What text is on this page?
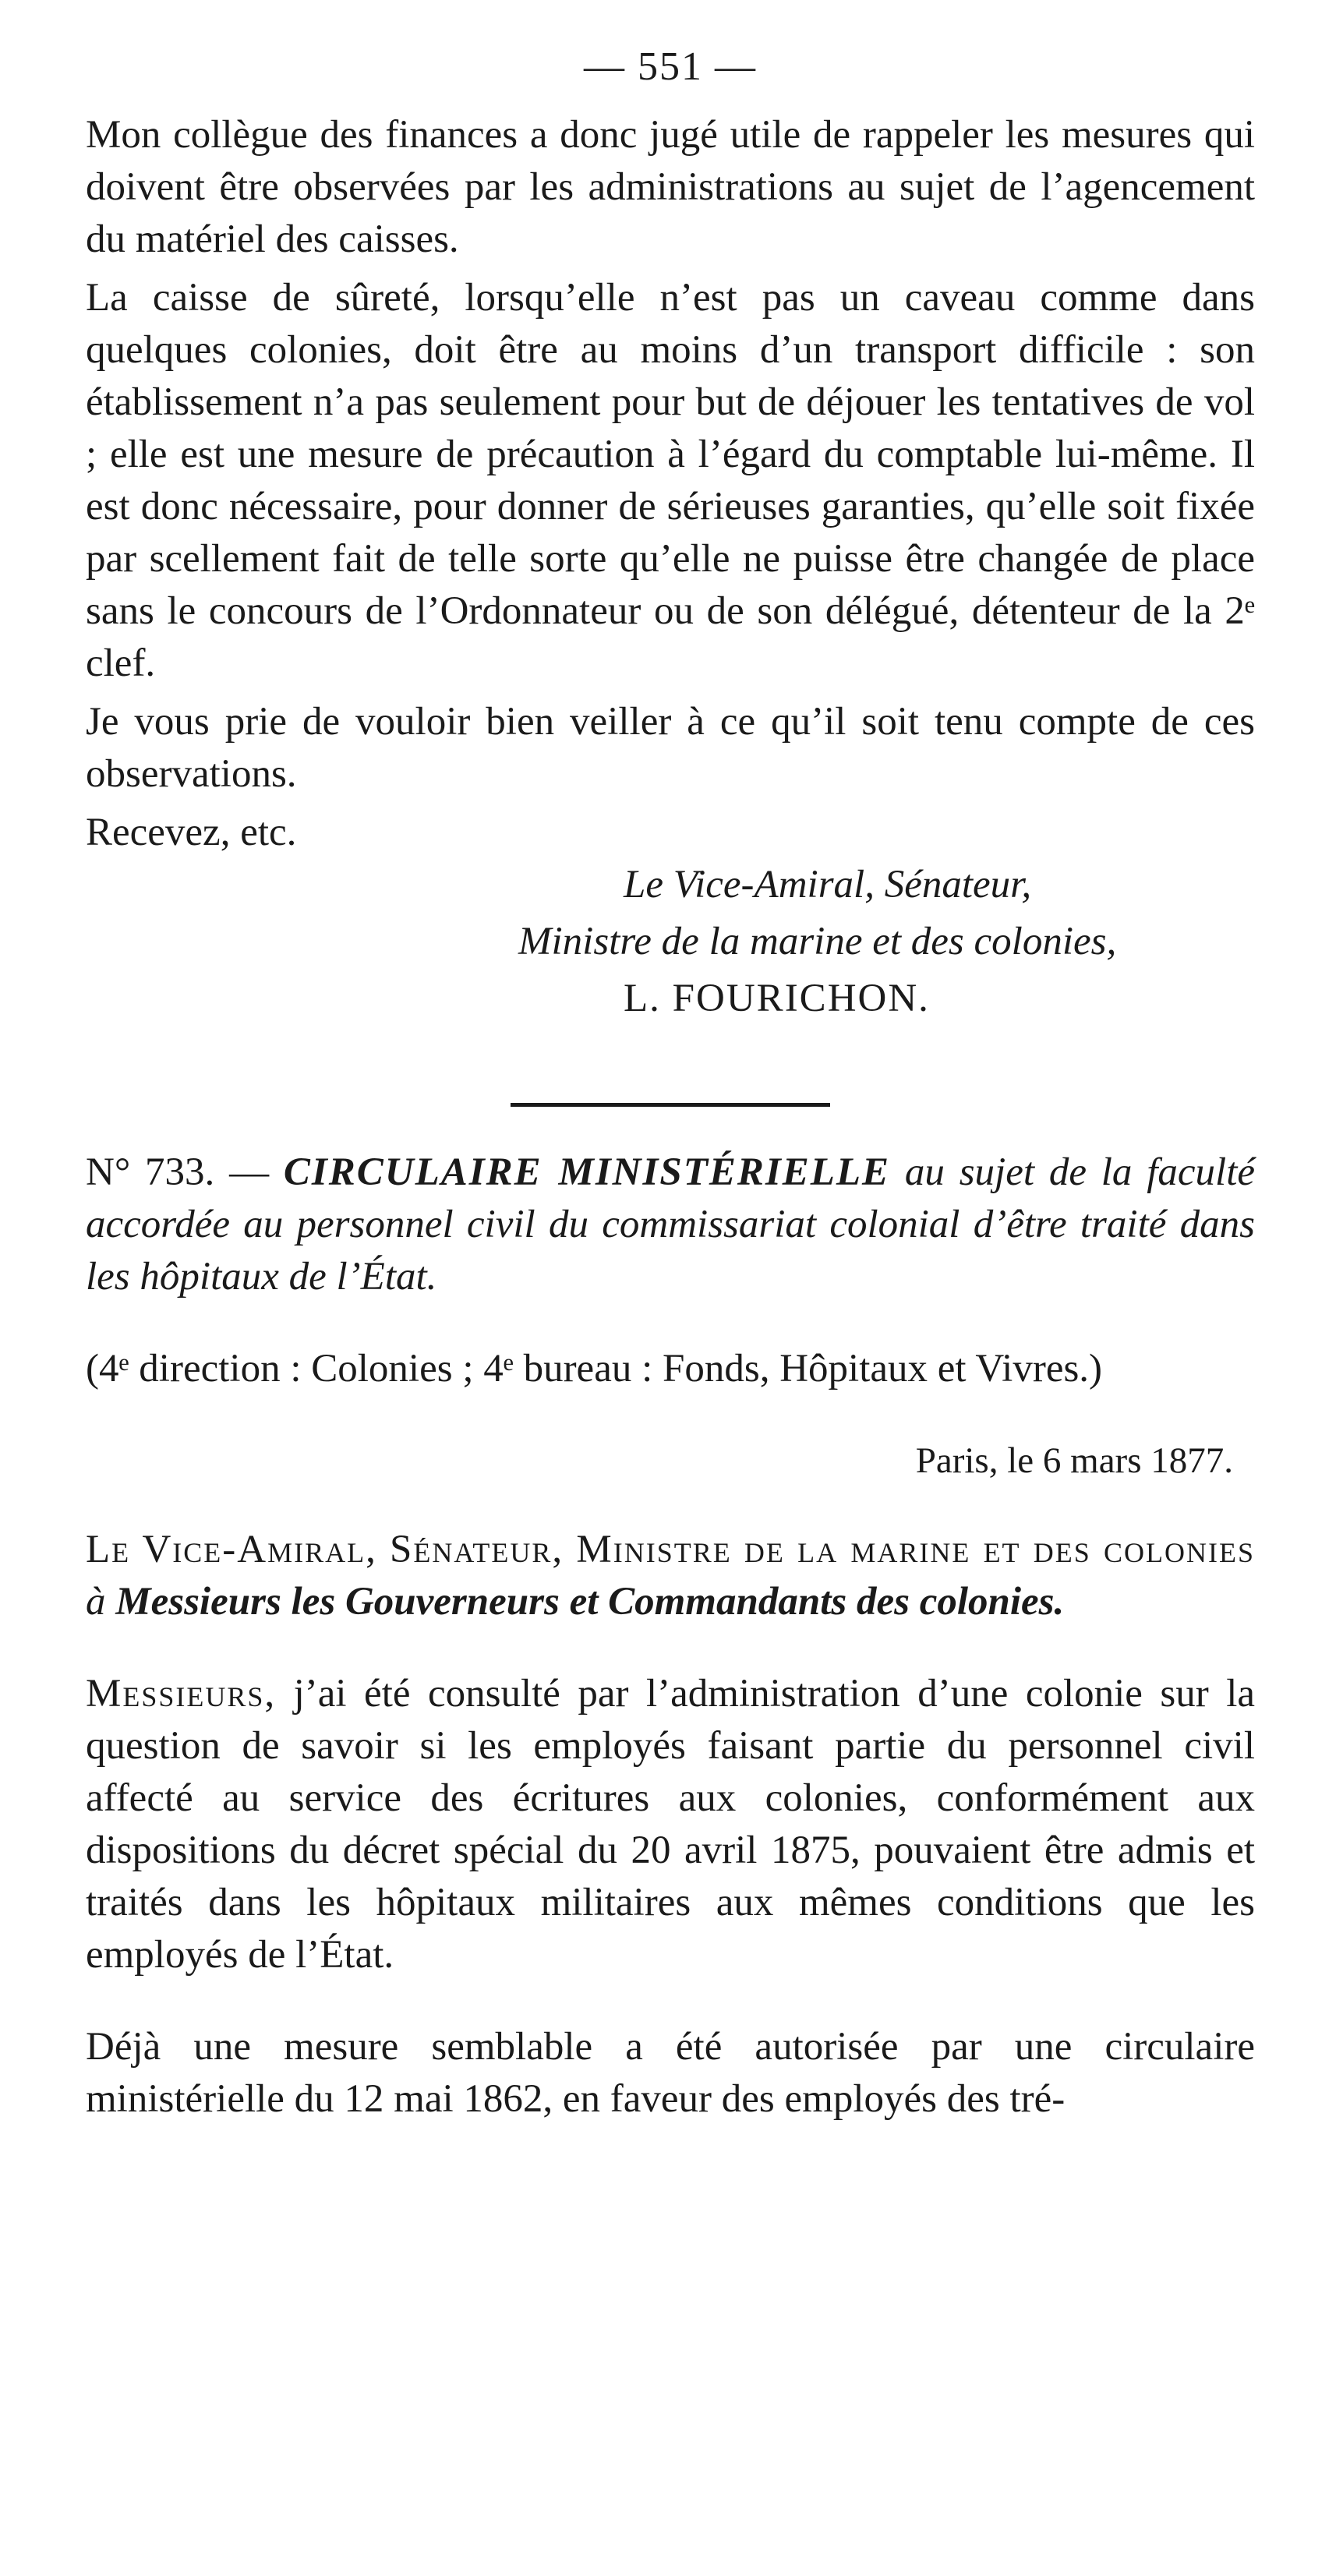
— 551 —

Mon collègue des finances a donc jugé utile de rappeler les mesures qui doivent être observées par les administrations au sujet de l’agencement du matériel des caisses.

La caisse de sûreté, lorsqu’elle n’est pas un caveau comme dans quelques colonies, doit être au moins d’un transport difficile : son établissement n’a pas seulement pour but de déjouer les tentatives de vol ; elle est une mesure de précaution à l’égard du comptable lui-même. Il est donc nécessaire, pour donner de sérieuses garanties, qu’elle soit fixée par scellement fait de telle sorte qu’elle ne puisse être changée de place sans le concours de l’Ordonnateur ou de son délégué, détenteur de la 2ᵉ clef.

Je vous prie de vouloir bien veiller à ce qu’il soit tenu compte de ces observations.

Recevez, etc.

Le Vice-Amiral, Sénateur,
Ministre de la marine et des colonies,
L. FOURICHON.

N° 733. — CIRCULAIRE MINISTÉRIELLE au sujet de la faculté accordée au personnel civil du commissariat colonial d’être traité dans les hôpitaux de l’État.

(4ᵉ direction : Colonies ; 4ᵉ bureau : Fonds, Hôpitaux et Vivres.)

Paris, le 6 mars 1877.

Le Vice-Amiral, Sénateur, Ministre de la marine et des colonies à Messieurs les Gouverneurs et Commandants des colonies.

Messieurs, j’ai été consulté par l’administration d’une colonie sur la question de savoir si les employés faisant partie du personnel civil affecté au service des écritures aux colonies, conformément aux dispositions du décret spécial du 20 avril 1875, pouvaient être admis et traités dans les hôpitaux militaires aux mêmes conditions que les employés de l’État.

Déjà une mesure semblable a été autorisée par une circulaire ministérielle du 12 mai 1862, en faveur des employés des tré-
